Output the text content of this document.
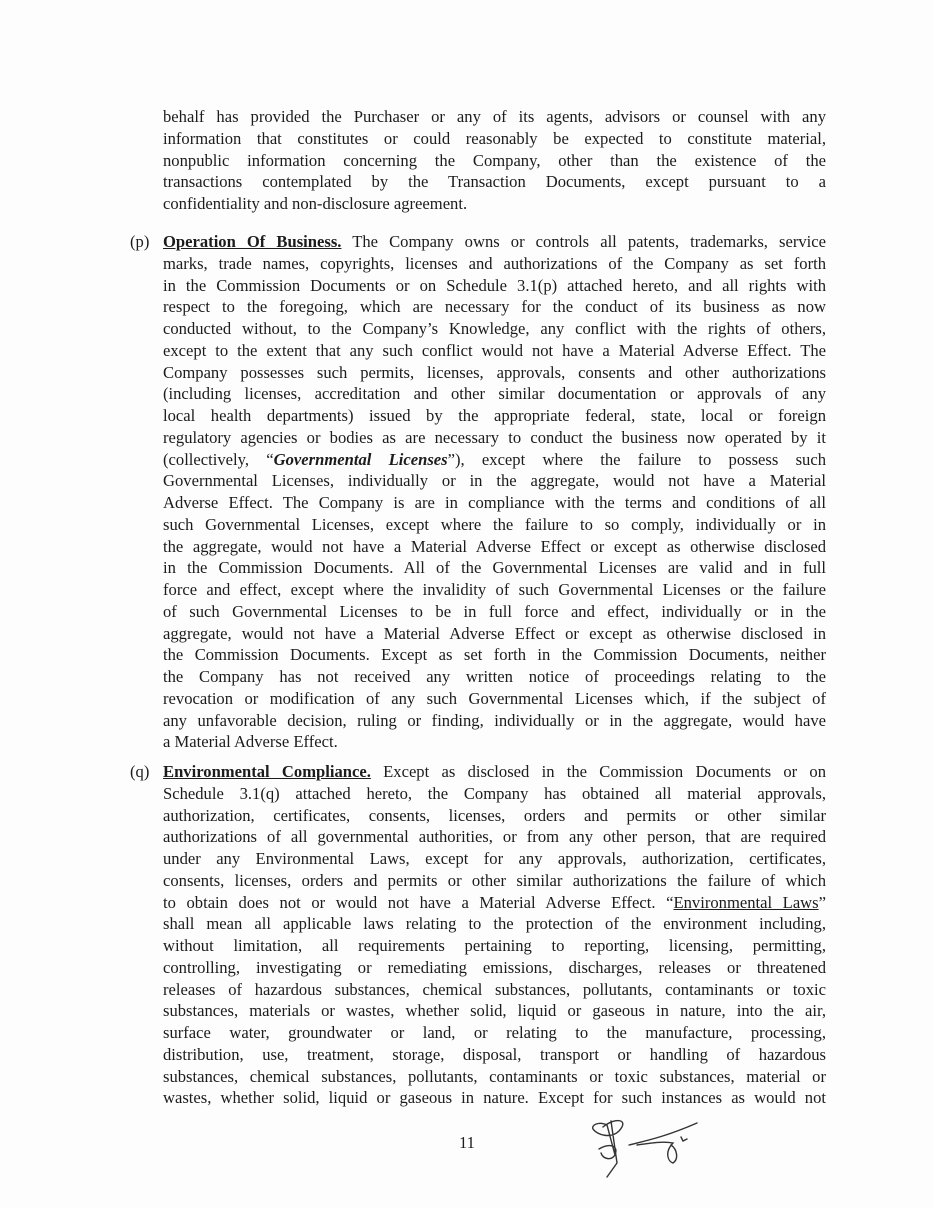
behalf has provided the Purchaser or any of its agents, advisors or counsel with any
information that constitutes or could reasonably be expected to constitute material,
nonpublic information concerning the Company, other than the existence of the
transactions contemplated by the Transaction Documents, except pursuant to a
confidentiality and non-disclosure agreement.
(p) Operation Of Business. The Company owns or controls all patents, trademarks, service
marks, trade names, copyrights, licenses and authorizations of the Company as set forth
in the Commission Documents or on Schedule 3.1(p) attached hereto, and all rights with
respect to the foregoing, which are necessary for the conduct of its business as now
conducted without, to the Company’s Knowledge, any conflict with the rights of others,
except to the extent that any such conflict would not have a Material Adverse Effect. The
Company possesses such permits, licenses, approvals, consents and other authorizations
(including licenses, accreditation and other similar documentation or approvals of any
local health departments) issued by the appropriate federal, state, local or foreign
regulatory agencies or bodies as are necessary to conduct the business now operated by it
(collectively, “Governmental Licenses”), except where the failure to possess such
Governmental Licenses, individually or in the aggregate, would not have a Material
Adverse Effect. The Company is are in compliance with the terms and conditions of all
such Governmental Licenses, except where the failure to so comply, individually or in
the aggregate, would not have a Material Adverse Effect or except as otherwise disclosed
in the Commission Documents. All of the Governmental Licenses are valid and in full
force and effect, except where the invalidity of such Governmental Licenses or the failure
of such Governmental Licenses to be in full force and effect, individually or in the
aggregate, would not have a Material Adverse Effect or except as otherwise disclosed in
the Commission Documents. Except as set forth in the Commission Documents, neither
the Company has not received any written notice of proceedings relating to the
revocation or modification of any such Governmental Licenses which, if the subject of
any unfavorable decision, ruling or finding, individually or in the aggregate, would have
a Material Adverse Effect.
(q) Environmental Compliance. Except as disclosed in the Commission Documents or on
Schedule 3.1(q) attached hereto, the Company has obtained all material approvals,
authorization, certificates, consents, licenses, orders and permits or other similar
authorizations of all governmental authorities, or from any other person, that are required
under any Environmental Laws, except for any approvals, authorization, certificates,
consents, licenses, orders and permits or other similar authorizations the failure of which
to obtain does not or would not have a Material Adverse Effect. “Environmental Laws”
shall mean all applicable laws relating to the protection of the environment including,
without limitation, all requirements pertaining to reporting, licensing, permitting,
controlling, investigating or remediating emissions, discharges, releases or threatened
releases of hazardous substances, chemical substances, pollutants, contaminants or toxic
substances, materials or wastes, whether solid, liquid or gaseous in nature, into the air,
surface water, groundwater or land, or relating to the manufacture, processing,
distribution, use, treatment, storage, disposal, transport or handling of hazardous
substances, chemical substances, pollutants, contaminants or toxic substances, material or
wastes, whether solid, liquid or gaseous in nature. Except for such instances as would not
11
